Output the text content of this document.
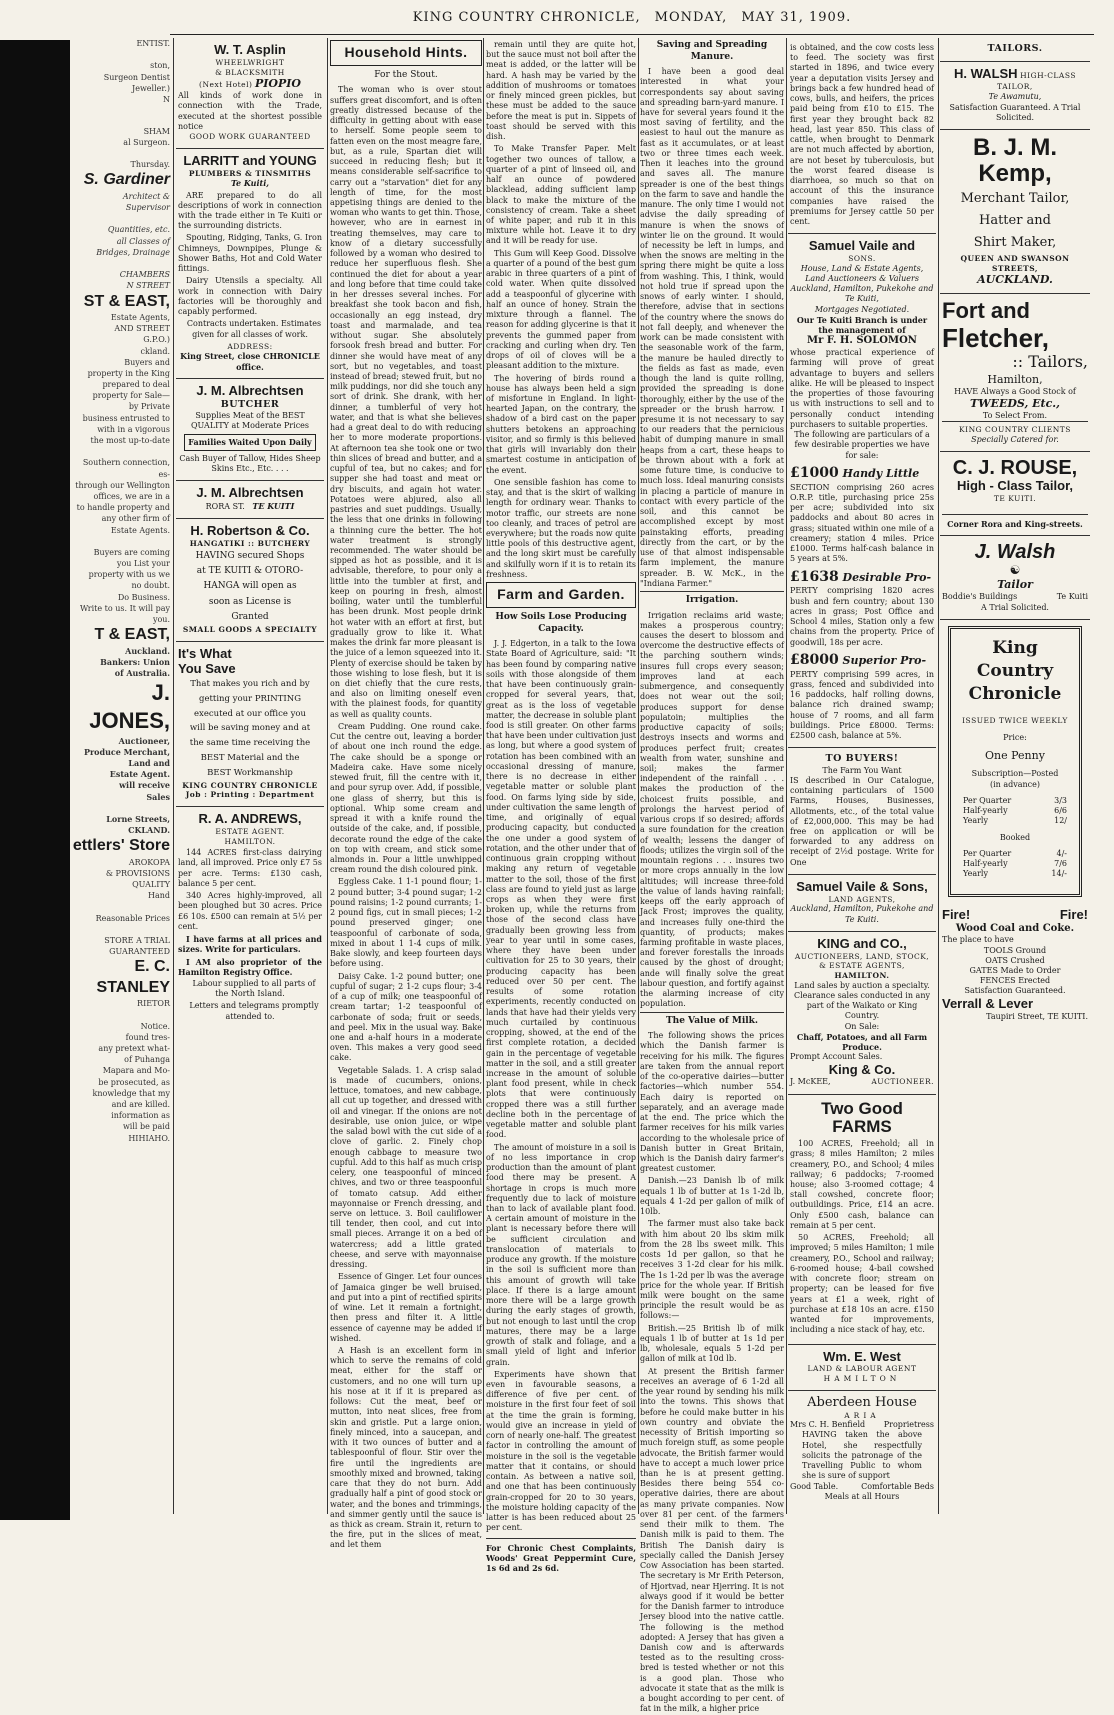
KING COUNTRY CHRONICLE, MONDAY, MAY 31, 1909.
ENTIST.

ston,
Surgeon Dentist
Jeweller.)
N

SHAM
al Surgeon.

Thursday.
S. Gardiner
Architect &
Supervisor

Quantities, etc.
all Classes of
Bridges, Drainage

CHAMBERS
N STREET
ST & EAST,
Estate Agents,
AND STREET
G.P.O.)
ckland.
Buyers and
property in the King
prepared to deal
property for Sale—
by Private
business entrusted to
with in a vigorous
the most up-to-date

Southern connection, es-
through our Wellington
offices, we are in a
to handle property and
any other firm of
Estate Agents.

Buyers are coming
you List your
property with us we
no doubt.
Do Business.
Write to us. It will pay you.
T & EAST,
Auckland.
Bankers: Union
of Australia.
J. JONES,
Auctioneer,
Produce Merchant,
Land and
Estate Agent.
will receive
Sales

Lorne Streets,
CKLAND.
ettlers' Store
AROKOPA
& PROVISIONS
QUALITY
Hand

Reasonable Prices

STORE A TRIAL
GUARANTEED
E. C. STANLEY
RIETOR

Notice.
found tres-
any pretext what-
of Puhanga
Mapara and Mo-
be prosecuted, as
knowledge that my
and are killed.
information as
will be paid
HIHIAHO.
W. T. Asplin
WHEELWRIGHT
& BLACKSMITH
(Next Hotel) PIOPIO
All kinds of work done in connection with the Trade, executed at the shortest possible notice
GOOD WORK GUARANTEED
LARRITT and YOUNG
PLUMBERS & TINSMITHS
Te Kuiti,

ARE prepared to do all descriptions of work in connection with the trade either in Te Kuiti or the surrounding districts.

Spouting, Ridging, Tanks, G. Iron Chimneys, Downpipes, Plunge & Shower Baths, Hot and Cold Water fittings.

Dairy Utensils a specialty. All work in connection with Dairy factories will be thoroughly and capably performed.

Contracts undertaken. Estimates given for all classes of work.

ADDRESS:
King Street, close CHRONICLE office.
J. M. Albrechtsen
BUTCHER
Supplies Meat of the BEST QUALITY at Moderate Prices
Families Waited Upon Daily
Cash Buyer of Tallow, Hides Sheep Skins Etc., Etc. . . .
J. M. Albrechtsen
RORA ST. TE KUITI
H. Robertson & Co.
HANGATIKI :: BUTCHERY
HAVING secured Shops at TE KUITI & OTORO-HANGA will open as soon as License is Granted
SMALL GOODS A SPECIALTY
It's What
You Save
That makes you rich and by getting your PRINTING executed at our office you will be saving money and at the same time receiving the BEST Material and the BEST Workmanship
KING COUNTRY CHRONICLE
Job : Printing : Department
R. A. ANDREWS,
ESTATE AGENT.
HAMILTON.

144 ACRES first-class dairying land, all improved. Price only £7 5s per acre. Terms: £130 cash, balance 5 per cent.

340 Acres highly-improved, all been ploughed but 30 acres. Price £6 10s. £500 can remain at 5½ per cent.

I have farms at all prices and sizes. Write for particulars.

I AM also proprietor of the Hamilton Registry Office.

Labour supplied to all parts of the North Island.

Letters and telegrams promptly attended to.

Household Hints.
For the Stout.

The woman who is over stout suffers great discomfort, and is often greatly distressed because of the difficulty in getting about with ease to herself. Some people seem to fatten even on the most meagre fare, but, as a rule, Spartan diet will succeed in reducing flesh; but it means considerable self-sacrifice to carry out a "starvation" diet for any length of time, for the most appetising things are denied to the woman who wants to get thin. Those, however, who are in earnest in treating themselves, may care to know of a dietary successfully followed by a woman who desired to reduce her superfluous flesh. She continued the diet for about a year and long before that time could take in her dresses several inches. For breakfast she took bacon and fish, occasionally an egg instead, dry toast and marmalade, and tea without sugar. She absolutely forsook fresh bread and butter. For dinner she would have meat of any sort, but no vegetables, and toast instead of bread; stewed fruit, but no milk puddings, nor did she touch any sort of drink. She drank, with her dinner, a tumblerful of very hot water, and that is what she believes had a great deal to do with reducing her to more moderate proportions. At afternoon tea she took one or two thin slices of bread and butter, and a cupful of tea, but no cakes; and for supper she had toast and meat or dry biscuits, and again hot water. Potatoes were abjured, also all pastries and suet puddings. Usually, the less that one drinks in following a thinning cure the better. The hot water treatment is strongly recommended. The water should be sipped as hot as possible, and it is advisable, therefore, to pour only a little into the tumbler at first, and keep on pouring in fresh, almost boiling, water until the tumblerful has been drunk. Most people drink hot water with an effort at first, but gradually grow to like it. What makes the drink far more pleasant is the juice of a lemon squeezed into it. Plenty of exercise should be taken by those wishing to lose flesh, but it is on diet chiefly that the cure rests, and also on limiting oneself even with the plainest foods, for quantity as well as quality counts.

Cream Pudding. One round cake. Cut the centre out, leaving a border of about one inch round the edge. The cake should be a sponge or Madeira cake. Have some nicely stewed fruit, fill the centre with it, and pour syrup over. Add, if possible, one glass of sherry, but this is optional. Whip some cream and spread it with a knife round the outside of the cake, and, if possible, decorate round the edge of the cake on top with cream, and stick some almonds in. Pour a little unwhipped cream round the dish coloured pink.

Eggless Cake. 1 1-1 pound flour; 1-2 pound butter; 3-4 pound sugar; 1-2 pound raisins; 1-2 pound currants; 1-2 pound figs, cut in small pieces; 1-2 pound preserved ginger; one teaspoonful of carbonate of soda, mixed in about 1 1-4 cups of milk. Bake slowly, and keep fourteen days before using.

Daisy Cake. 1-2 pound butter; one cupful of sugar; 2 1-2 cups flour; 3-4 of a cup of milk; one teaspoonful of cream tartar; 1-2 teaspoonful of carbonate of soda; fruit or seeds, and peel. Mix in the usual way. Bake one and a-half hours in a moderate oven. This makes a very good seed cake.

Vegetable Salads. 1. A crisp salad is made of cucumbers, onions, lettuce, tomatoes, and new cabbage, all cut up together, and dressed with oil and vinegar. If the onions are not desirable, use onion juice, or wipe the salad bowl with the cut side of a clove of garlic. 2. Finely chop enough cabbage to measure two cupful. Add to this half as much crisp celery, one teaspoonful of minced chives, and two or three teaspoonful of tomato catsup. Add either mayonnaise or French dressing, and serve on lettuce. 3. Boil cauliflower till tender, then cool, and cut into small pieces. Arrange it on a bed of watercress; add a little grated cheese, and serve with mayonnaise dressing.

Essence of Ginger. Let four ounces of Jamaica ginger be well bruised, and put into a pint of rectified spirits of wine. Let it remain a fortnight, then press and filter it. A little essence of cayenne may be added if wished.

A Hash is an excellent form in which to serve the remains of cold meat, either for the staff or customers, and no one will turn up his nose at it if it is prepared as follows: Cut the meat, beef or mutton, into neat slices, free from skin and gristle. Put a large onion, finely minced, into a saucepan, and with it two ounces of butter and a tablespoonful of flour. Stir over the fire until the ingredients are smoothly mixed and browned, taking care that they do not burn. Add gradually half a pint of good stock or water, and the bones and trimmings, and simmer gently until the sauce is as thick as cream. Strain it, return to the fire, put in the slices of meat, and let them

remain until they are quite hot, but the sauce must not boil after the meat is added, or the latter will be hard. A hash may be varied by the addition of mushrooms or tomatoes or finely minced green pickles, but these must be added to the sauce before the meat is put in. Sippets of toast should be served with this dish.

To Make Transfer Paper. Melt together two ounces of tallow, a quarter of a pint of linseed oil, and half an ounce of powdered blacklead, adding sufficient lamp black to make the mixture of the consistency of cream. Take a sheet of white paper, and rub it in this mixture while hot. Leave it to dry and it will be ready for use.

This Gum will Keep Good. Dissolve a quarter of a pound of the best gum arabic in three quarters of a pint of cold water. When quite dissolved add a teaspoonful of glycerine with half an ounce of honey. Strain the mixture through a flannel. The reason for adding glycerine is that it prevents the gummed paper from cracking and curling when dry. Ten drops of oil of cloves will be a pleasant addition to the mixture.

The hovering of birds round a house has always been held a sign of misfortune in England. In light-hearted Japan, on the contrary, the shadow of a bird cast on the paper shutters betokens an approaching visitor, and so firmly is this believed that girls will invariably don their smartest costume in anticipation of the event.

One sensible fashion has come to stay, and that is the skirt of walking length for ordinary wear. Thanks to motor traffic, our streets are none too cleanly, and traces of petrol are everywhere; but the roads now quite little pools of this destructive agent, and the long skirt must be carefully and skilfully worn if it is to retain its freshness.

Farm and Garden.
How Soils Lose Producing Capacity.

J. J. Edgerton, in a talk to the Iowa State Board of Agriculture, said: "It has been found by comparing native soils with those alongside of them that have been continuously grain-cropped for several years, that, great as is the loss of vegetable matter, the decrease in soluble plant food is still greater. On other farms that have been under cultivation just as long, but where a good system of rotation has been combined with an occasional dressing of manure, there is no decrease in either vegetable matter or soluble plant food. On farms lying side by side, under cultivation the same length of time, and originally of equal producing capacity, but conducted the one under a good system of rotation, and the other under that of continuous grain cropping without making any return of vegetable matter to the soil, those of the first class are found to yield just as large crops as when they were first broken up, while the returns from those of the second class have gradually been growing less from year to year until in some cases, where they have been under cultivation for 25 to 30 years, their producing capacity has been reduced over 50 per cent. The results of some rotation experiments, recently conducted on lands that have had their yields very much curtailed by continuous cropping, showed, at the end of the first complete rotation, a decided gain in the percentage of vegetable matter in the soil, and a still greater increase in the amount of soluble plant food present, while in check plots that were continuously cropped there was a still further decline both in the percentage of vegetable matter and soluble plant food.

The amount of moisture in a soil is of no less importance in crop production than the amount of plant food there may be present. A shortage in crops is much more frequently due to lack of moisture than to lack of available plant food. A certain amount of moisture in the plant is necessary before there will be sufficient circulation and translocation of materials to produce any growth. If the moisture in the soil is sufficient more than this amount of growth will take place. If there is a large amount more there will be a large growth during the early stages of growth, but not enough to last until the crop matures, there may be a large growth of stalk and foliage, and a small yield of light and inferior grain.

Experiments have shown that even in favourable seasons, a difference of five per cent. of moisture in the first four feet of soil at the time the grain is forming, would give an increase in yield of corn of nearly one-half. The greatest factor in controlling the amount of moisture in the soil is the vegetable matter that it contains, or should contain. As between a native soil, and one that has been continuously grain-cropped for 20 to 30 years, the moisture holding capacity of the latter is has been reduced about 25 per cent.

For Chronic Chest Complaints, Woods' Great Peppermint Cure, 1s 6d and 2s 6d.
Saving and Spreading Manure.

I have been a good deal interested in what your correspondents say about saving and spreading barn-yard manure. I have for several years found it the most saving of fertility, and the easiest to haul out the manure as fast as it accumulates, or at least two or three times each week. Then it leaches into the ground and saves all. The manure spreader is one of the best things on the farm to save and handle the manure. The only time I would not advise the daily spreading of manure is when the snows of winter lie on the ground. It would of necessity be left in lumps, and when the snows are melting in the spring there might be quite a loss from washing. This, I think, would not hold true if spread upon the snows of early winter. I should, therefore, advise that in sections of the country where the snows do not fall deeply, and whenever the work can be made consistent with the seasonable work of the farm, the manure be hauled directly to the fields as fast as made, even though the land is quite rolling, provided the spreading is done thoroughly, either by the use of the spreader or the brush harrow. I presume it is not necessary to say to our readers that the pernicious habit of dumping manure in small heaps from a cart, these heaps to be thrown about with a fork at some future time, is conducive to much loss. Ideal manuring consists in placing a particle of manure in contact with every particle of the soil, and this cannot be accomplished except by most painstaking efforts, preading directly from the cart, or by the use of that almost indispensable farm implement, the manure spreader. B. W. McK., in the "Indiana Farmer."

Irrigation.

Irrigation reclaims arid waste; makes a prosperous country; causes the desert to blossom and overcome the destructive effects of the parching southern winds; insures full crops every season; improves land at each submergence, and consequently does not wear out the soil; produces support for dense populatoin; multiplies the productive capacity of soils; destroys insects and worms and produces perfect fruit; creates wealth from water, sunshine and soil; makes the farmer independent of the rainfall . . . makes the production of the choicest fruits possible, and prolongs the harvest period of various crops if so desired; affords a sure foundation for the creation of wealth; lessens the danger of floods; utilizes the virgin soil of the mountain regions . . . insures two or more crops annually in the low altitudes; will increase three-fold the value of lands having rainfall; keeps off the early approach of Jack Frost; improves the quality, and increases fully one-third the quantity, of products; makes farming profitable in waste places, and forever forestalls the inroads caused by the ghost of drought; ande will finally solve the great labour question, and fortify against the alarming increase of city population.

The Value of Milk.

The following shows the prices which the Danish farmer is receiving for his milk. The figures are taken from the annual report of the co-operative dairies—butter factories—which number 554. Each dairy is reported on separately, and an average made at the end. The price which the farmer receives for his milk varies according to the wholesale price of Danish butter in Great Britain, which is the Danish dairy farmer's greatest customer.

Danish.—23 Danish lb of milk equals 1 lb of butter at 1s 1-2d lb, equals 4 1-2d per gallon of milk of 10lb.

The farmer must also take back with him about 20 lbs skim milk from the 28 lbs sweet milk. This costs 1d per gallon, so that he receives 3 1-2d clear for his milk. The 1s 1-2d per lb was the average price for the whole year. If British milk were bought on the same principle the result would be as follows:—

British.—25 British lb of milk equals 1 lb of butter at 1s 1d per lb, wholesale, equals 5 1-2d per gallon of milk at 10d lb.

At present the British farmer receives an average of 6 1-2d all the year round by sending his milk into the towns. This shows that before he could make butter in his own country and obviate the necessity of British importing so much foreign stuff, as some people advocate, the British farmer would have to accept a much lower price than he is at present getting. Besides there being 554 co-operative dairies, there are about as many private companies. Now over 81 per cent. of the farmers send their milk to them. The Danish milk is paid to them. The British The Danish dairy is specially called the Danish Jersey Cow Association has been started. The secretary is Mr Erith Peterson, of Hjortvad, near Hjerring. It is not always good if it would be better for the Danish farmer to introduce Jersey blood into the native cattle. The following is the method adopted: A Jersey that has given a Danish cow and is afterwards tested as to the resulting cross-bred is tested whether or not this is a good plan. Those who advocate it state that as the milk is a bought according to per cent. of fat in the milk, a higher price

is obtained, and the cow costs less to feed. The society was first started in 1896, and twice every year a deputation visits Jersey and brings back a few hundred head of cows, bulls, and heifers, the prices paid being from £10 to £15. The first year they brought back 82 head, last year 850. This class of cattle, when brought to Denmark are not much affected by abortion, are not beset by tuberculosis, but the worst feared disease is diarrhoea, so much so that on account of this the insurance companies have raised the premiums for Jersey cattle 50 per cent.
Samuel Vaile and
SONS.
House, Land & Estate Agents,
Land Auctioneers & Valuers
Auckland, Hamilton, Pukekohe and Te Kuiti,
Mortgages Negotiated.
Our Te Kuiti Branch is under the management of
Mr F. H. SOLOMON
whose practical experience of farming will prove of great advantage to buyers and sellers alike. He will be pleased to inspect the properties of those favouring us with instructions to sell and to personally conduct intending purchasers to suitable properties.
The following are particulars of a few desirable properties we have for sale:
£1000 Handy Little
SECTION comprising 260 acres O.R.P. title, purchasing price 25s per acre; subdivided into six paddocks and about 80 acres in grass; situated within one mile of a creamery; station 4 miles. Price £1000. Terms half-cash balance in 5 years at 5%.
£1638 Desirable Pro-
PERTY comprising 1820 acres bush and fern country; about 130 acres in grass; Post Office and School 4 miles, Station only a few chains from the property. Price of goodwill, 18s per acre.
£8000 Superior Pro-
PERTY comprising 599 acres, in grass, fenced and subdivided into 16 paddocks, half rolling downs, balance rich drained swamp; house of 7 rooms, and all farm buildings. Price £8000. Terms: £2500 cash, balance at 5%.
TO BUYERS!
The Farm You Want
IS described in Our Catalogue, containing particulars of 1500 Farms, Houses, Businesses, Allotments, etc., of the total value of £2,000,000. This may be had free on application or will be forwarded to any address on receipt of 2½d postage. Write for One
Samuel Vaile & Sons,
LAND AGENTS,
Auckland, Hamilton, Pukekohe and Te Kuiti.
KING and CO.,
AUCTIONEERS, LAND, STOCK, & ESTATE AGENTS,
HAMILTON.
Land sales by auction a specialty.
Clearance sales conducted in any part of the Waikato or King Country.
On Sale:
Chaff, Potatoes, and all Farm Produce.
Prompt Account Sales.
King & Co.
J. McKEE,	AUCTIONEER.
Two Good
FARMS

100 ACRES, Freehold; all in grass; 8 miles Hamilton; 2 miles creamery, P.O., and School; 4 miles railway; 6 paddocks; 7-roomed house; also 3-roomed cottage; 4 stall cowshed, concrete floor; outbuildings. Price, £14 an acre. Only £500 cash, balance can remain at 5 per cent.

50 ACRES, Freehold; all improved; 5 miles Hamilton; 1 mile creamery, P.O., School and railway; 6-roomed house; 4-bail cowshed with concrete floor; stream on property; can be leased for five years at £1 a week, right of purchase at £18 10s an acre. £150 wanted for improvements, including a nice stack of hay, etc.

Wm. E. West
LAND & LABOUR AGENT
HAMILTON
Aberdeen House
ARIA
Mrs C. H. Benfield Proprietress
HAVING taken the above Hotel, she respectfully solicits the patronage of the Travelling Public to whom she is sure of support
Good Table.	Comfortable Beds
Meals at all Hours
TAILORS.
H. WALSH HIGH-CLASS TAILOR,
Te Awamutu,
Satisfaction Guaranteed. A Trial Solicited.
B. J. M. Kemp,
Merchant Tailor,
Hatter and
Shirt Maker,
QUEEN AND SWANSON STREETS,
AUCKLAND.
Fort and
Fletcher,
:: Tailors,
Hamilton,
HAVE Always a Good Stock of
TWEEDS, Etc.,
To Select From.
KING COUNTRY CLIENTS
Specially Catered for.
C. J. ROUSE,
High - Class Tailor,
TE KUITI.
Corner Rora and King-streets.
J. Walsh
☯
Tailor
Boddie's Buildings	Te Kuiti
A Trial Solicited.
King
Country
Chronicle
ISSUED TWICE WEEKLY
Price:
One Penny
Subscription—Posted
(in advance)
Per Quarter	3/3
Half-yearly	6/6
Yearly	12/
Booked
Per Quarter	4/-
Half-yearly	7/6
Yearly	14/-
Fire!	Fire!
Wood Coal and Coke.
The place to have
TOOLS Ground
OATS Crushed
GATES Made to Order
FENCES Erected
Satisfaction Guaranteed.
Verrall & Lever
Taupiri Street, TE KUITI.
